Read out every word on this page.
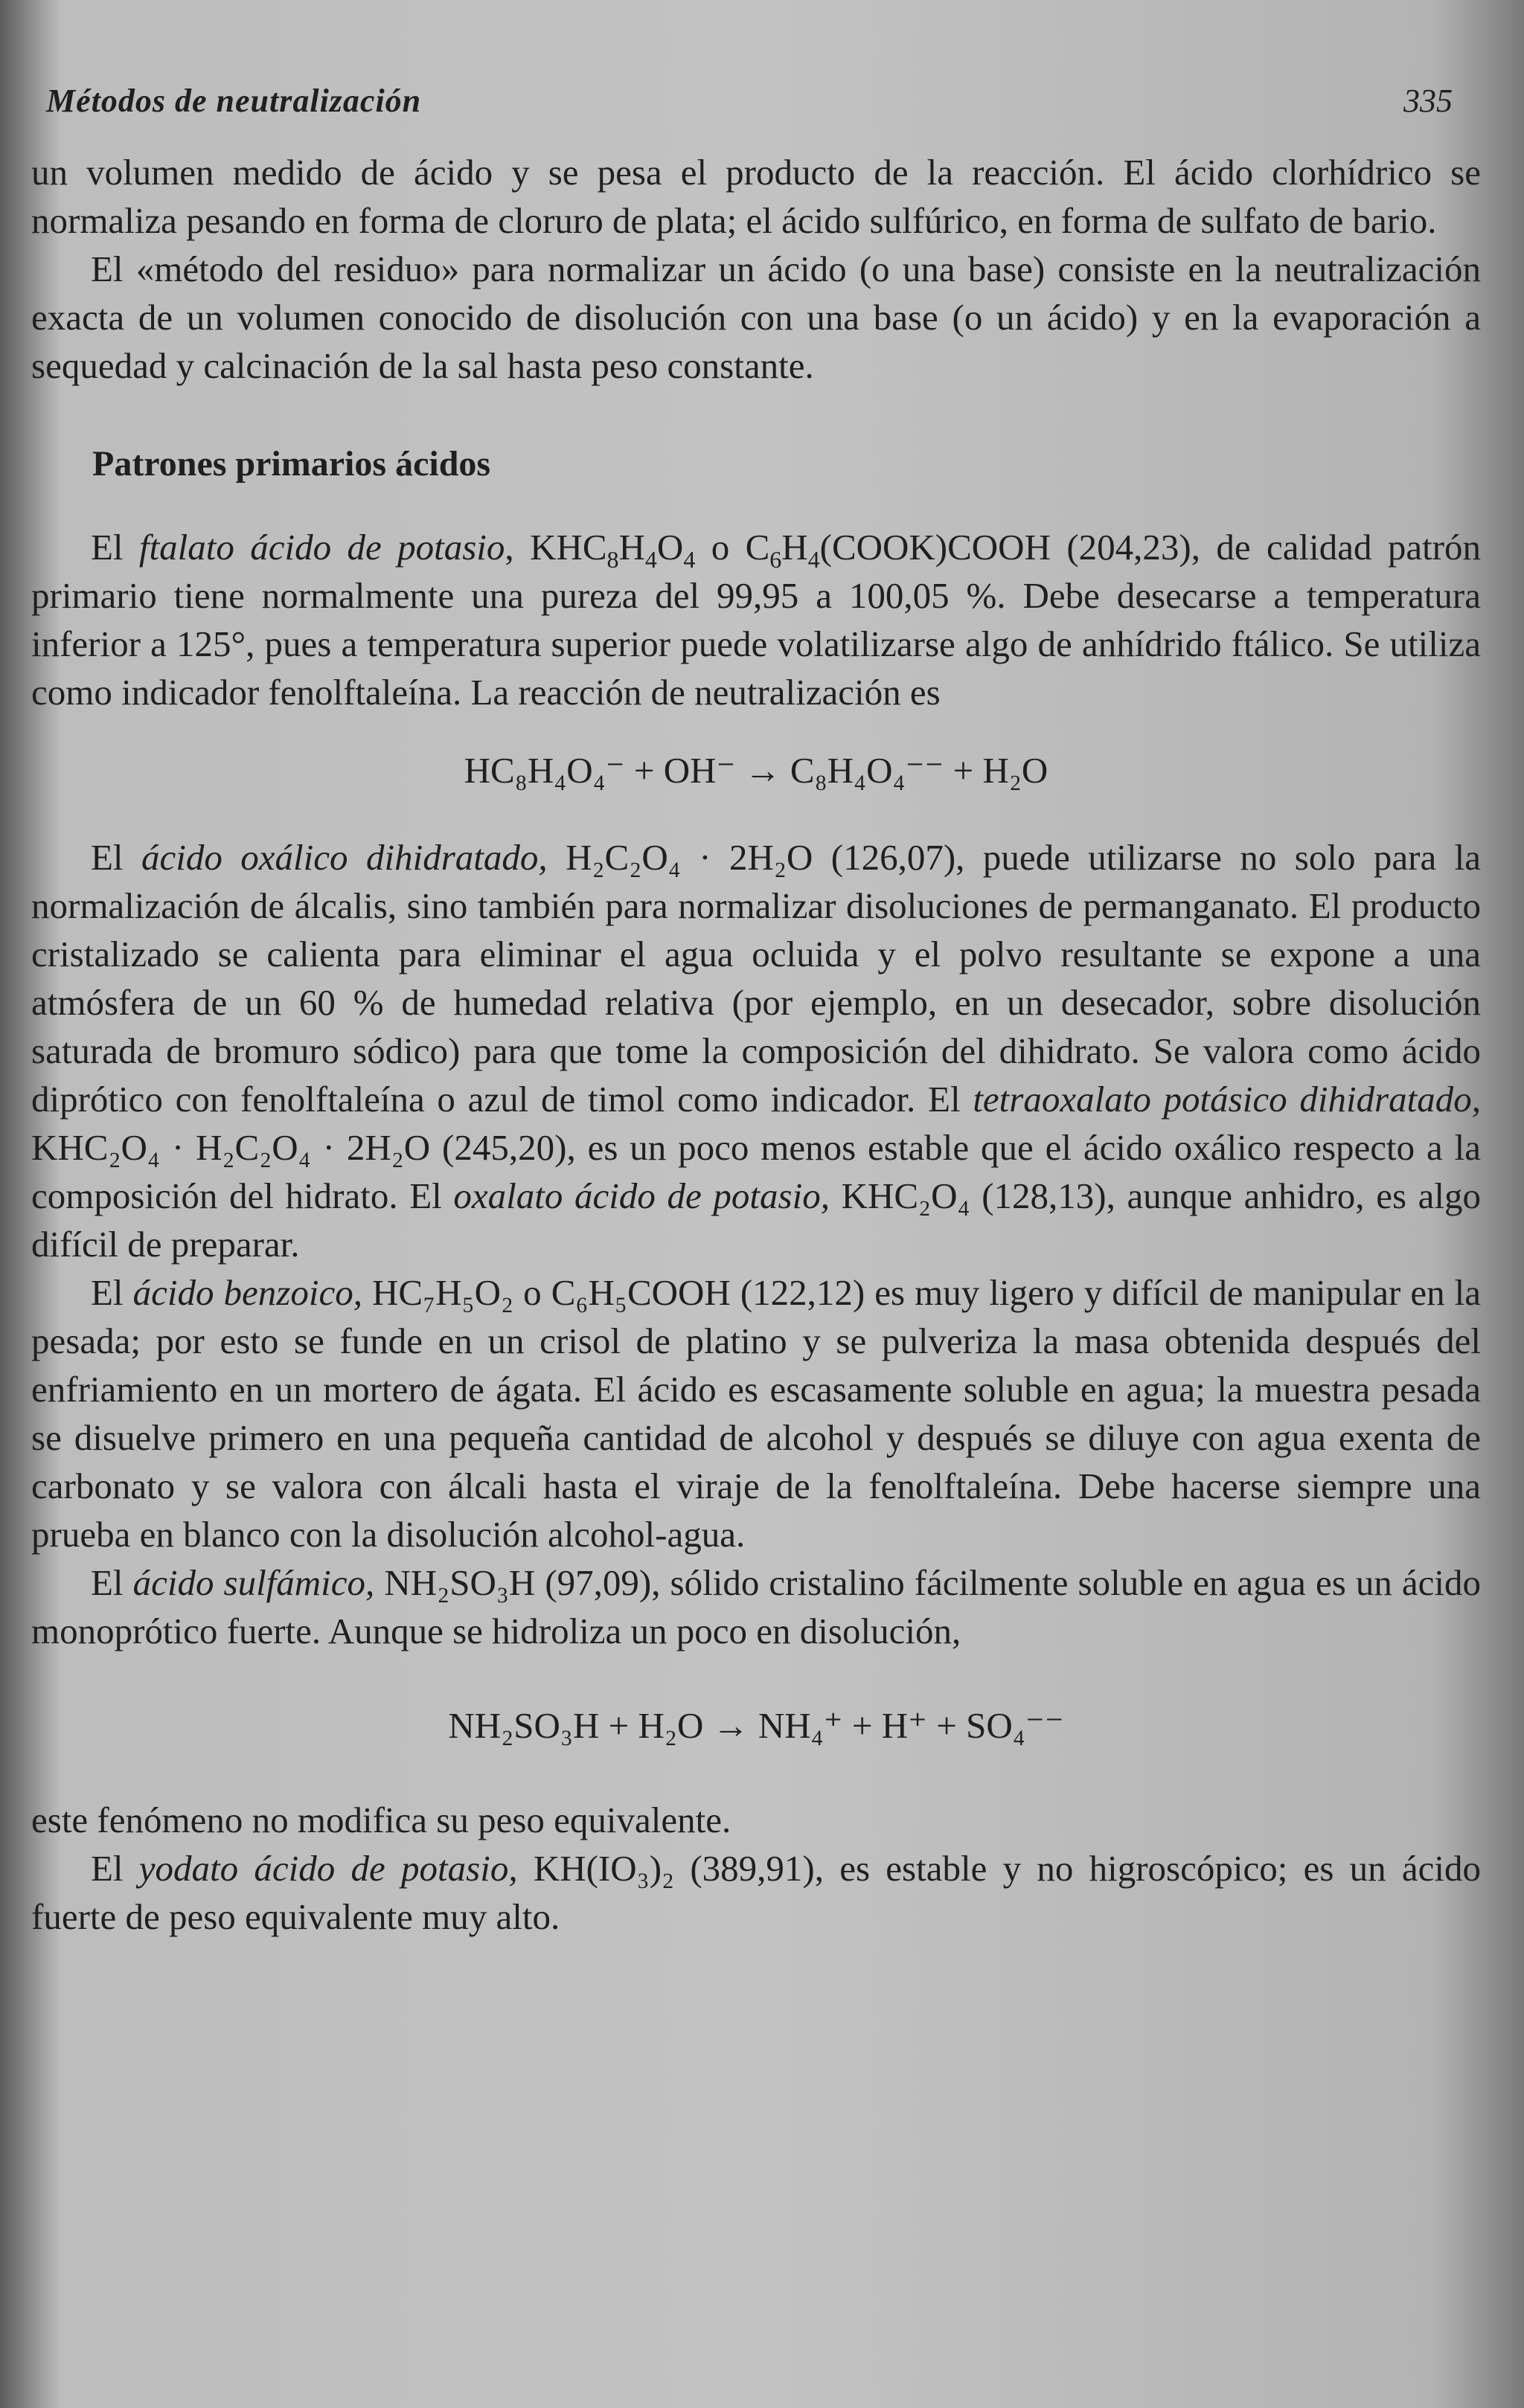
Métodos de neutralización	335

un volumen medido de ácido y se pesa el producto de la reacción. El ácido clorhídrico se normaliza pesando en forma de cloruro de plata; el ácido sulfúrico, en forma de sulfato de bario.

El «método del residuo» para normalizar un ácido (o una base) consiste en la neutralización exacta de un volumen conocido de disolución con una base (o un ácido) y en la evaporación a sequedad y calcinación de la sal hasta peso constante.

Patrones primarios ácidos

El ftalato ácido de potasio, $KHC_8H_4O_4$ o $C_6H_4(COOK)COOH$ (204,23), de calidad patrón primario tiene normalmente una pureza del 99,95 a 100,05 %. Debe desecarse a temperatura inferior a 125°, pues a temperatura superior puede volatilizarse algo de anhídrido ftálico. Se utiliza como indicador fenolftaleína. La reacción de neutralización es

HC₈H₄O₄⁻ + OH⁻ → C₈H₄O₄⁻⁻ + H₂O

El ácido oxálico dihidratado, H₂C₂O₄ · 2H₂O (126,07), puede utilizarse no solo para la normalización de álcalis, sino también para normalizar disoluciones de permanganato. El producto cristalizado se calienta para eliminar el agua ocluida y el polvo resultante se expone a una atmósfera de un 60 % de humedad relativa (por ejemplo, en un desecador, sobre disolución saturada de bromuro sódico) para que tome la composición del dihidrato. Se valora como ácido diprótico con fenolftaleína o azul de timol como indicador. El tetraoxalato potásico dihidratado, KHC₂O₄ · H₂C₂O₄ · 2H₂O (245,20), es un poco menos estable que el ácido oxálico respecto a la composición del hidrato. El oxalato ácido de potasio, KHC₂O₄ (128,13), aunque anhidro, es algo difícil de preparar.

El ácido benzoico, HC₇H₅O₂ o C₆H₅COOH (122,12) es muy ligero y difícil de manipular en la pesada; por esto se funde en un crisol de platino y se pulveriza la masa obtenida después del enfriamiento en un mortero de ágata. El ácido es escasamente soluble en agua; la muestra pesada se disuelve primero en una pequeña cantidad de alcohol y después se diluye con agua exenta de carbonato y se valora con álcali hasta el viraje de la fenolftaleína. Debe hacerse siempre una prueba en blanco con la disolución alcohol-agua.

El ácido sulfámico, NH₂SO₃H (97,09), sólido cristalino fácilmente soluble en agua es un ácido monoprótico fuerte. Aunque se hidroliza un poco en disolución,

NH₂SO₃H + H₂O → NH₄⁺ + H⁺ + SO₄⁻⁻

este fenómeno no modifica su peso equivalente.

El yodato ácido de potasio, KH(IO₃)₂ (389,91), es estable y no higroscópico; es un ácido fuerte de peso equivalente muy alto.
